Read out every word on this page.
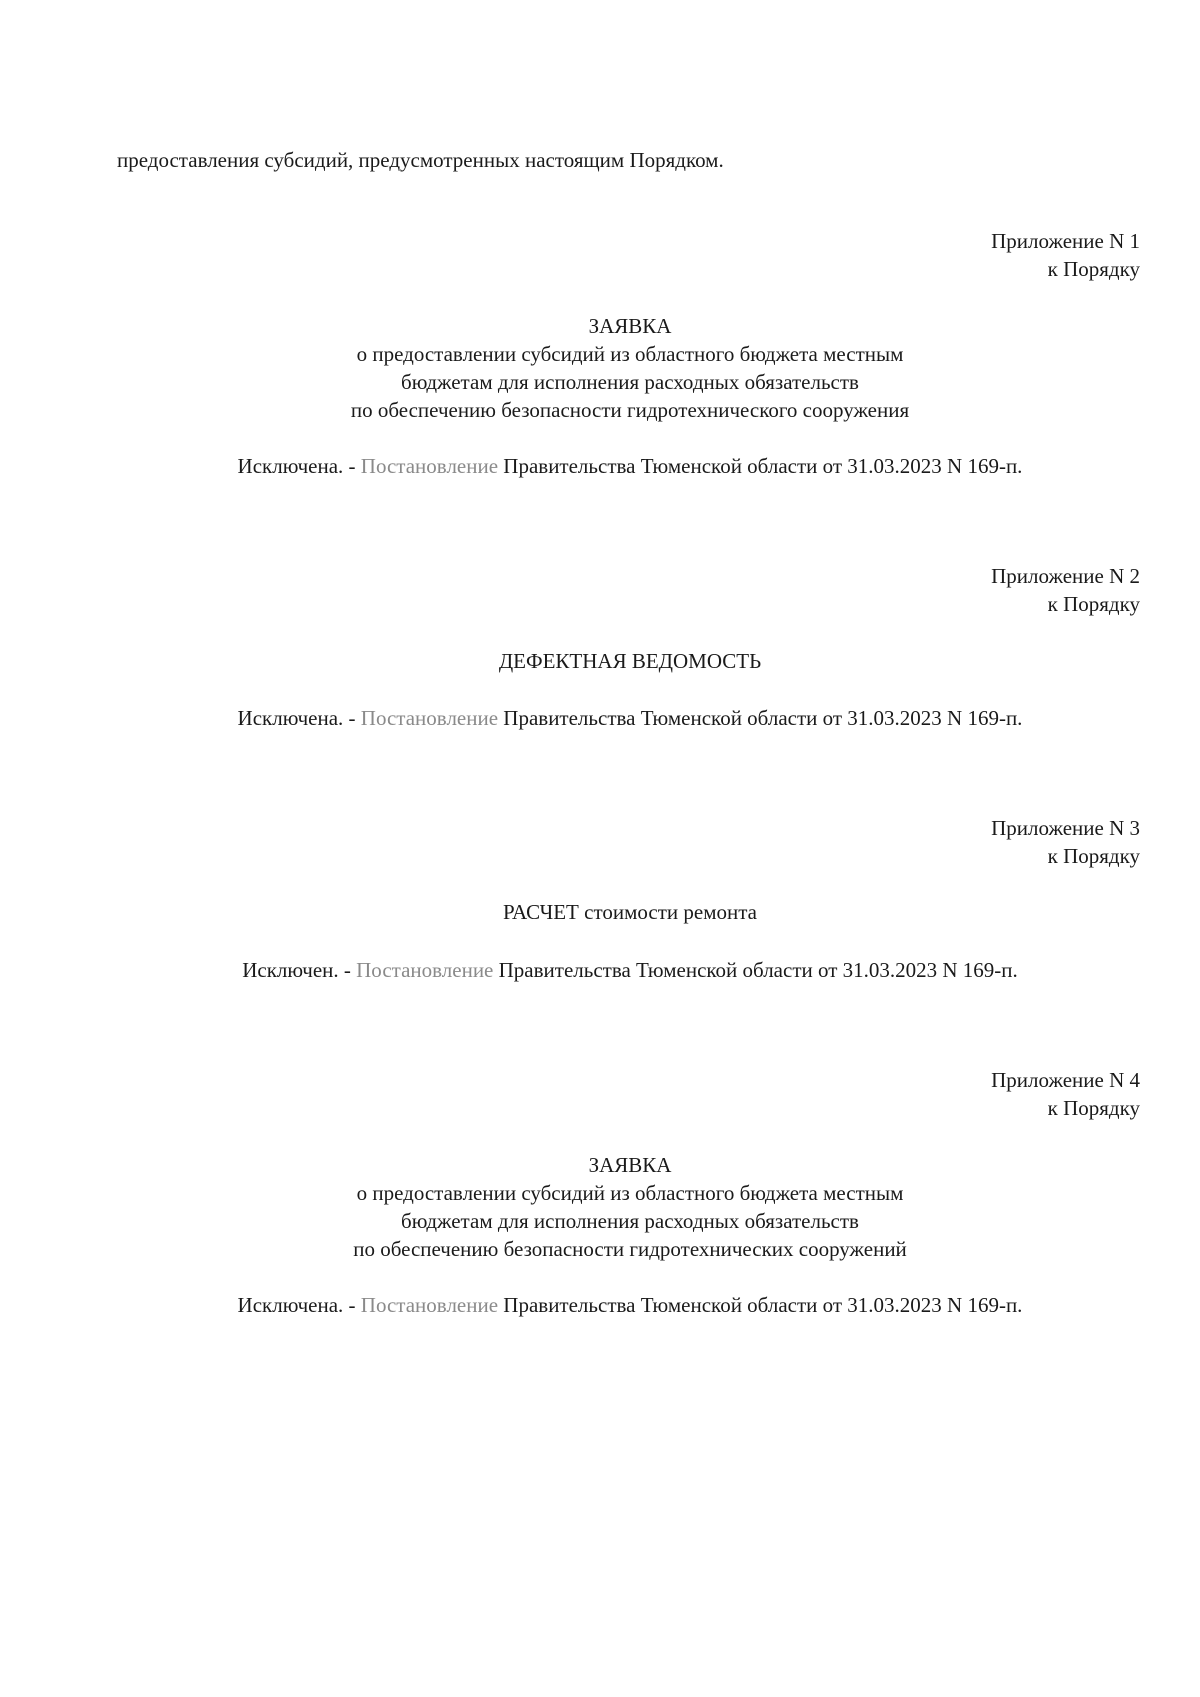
предоставления субсидий, предусмотренных настоящим Порядком.
Приложение N 1
к Порядку
ЗАЯВКА
о предоставлении субсидий из областного бюджета местным
бюджетам для исполнения расходных обязательств
по обеспечению безопасности гидротехнического сооружения
Исключена. - Постановление Правительства Тюменской области от 31.03.2023 N 169-п.
Приложение N 2
к Порядку
ДЕФЕКТНАЯ ВЕДОМОСТЬ
Исключена. - Постановление Правительства Тюменской области от 31.03.2023 N 169-п.
Приложение N 3
к Порядку
РАСЧЕТ стоимости ремонта
Исключен. - Постановление Правительства Тюменской области от 31.03.2023 N 169-п.
Приложение N 4
к Порядку
ЗАЯВКА
о предоставлении субсидий из областного бюджета местным
бюджетам для исполнения расходных обязательств
по обеспечению безопасности гидротехнических сооружений
Исключена. - Постановление Правительства Тюменской области от 31.03.2023 N 169-п.
